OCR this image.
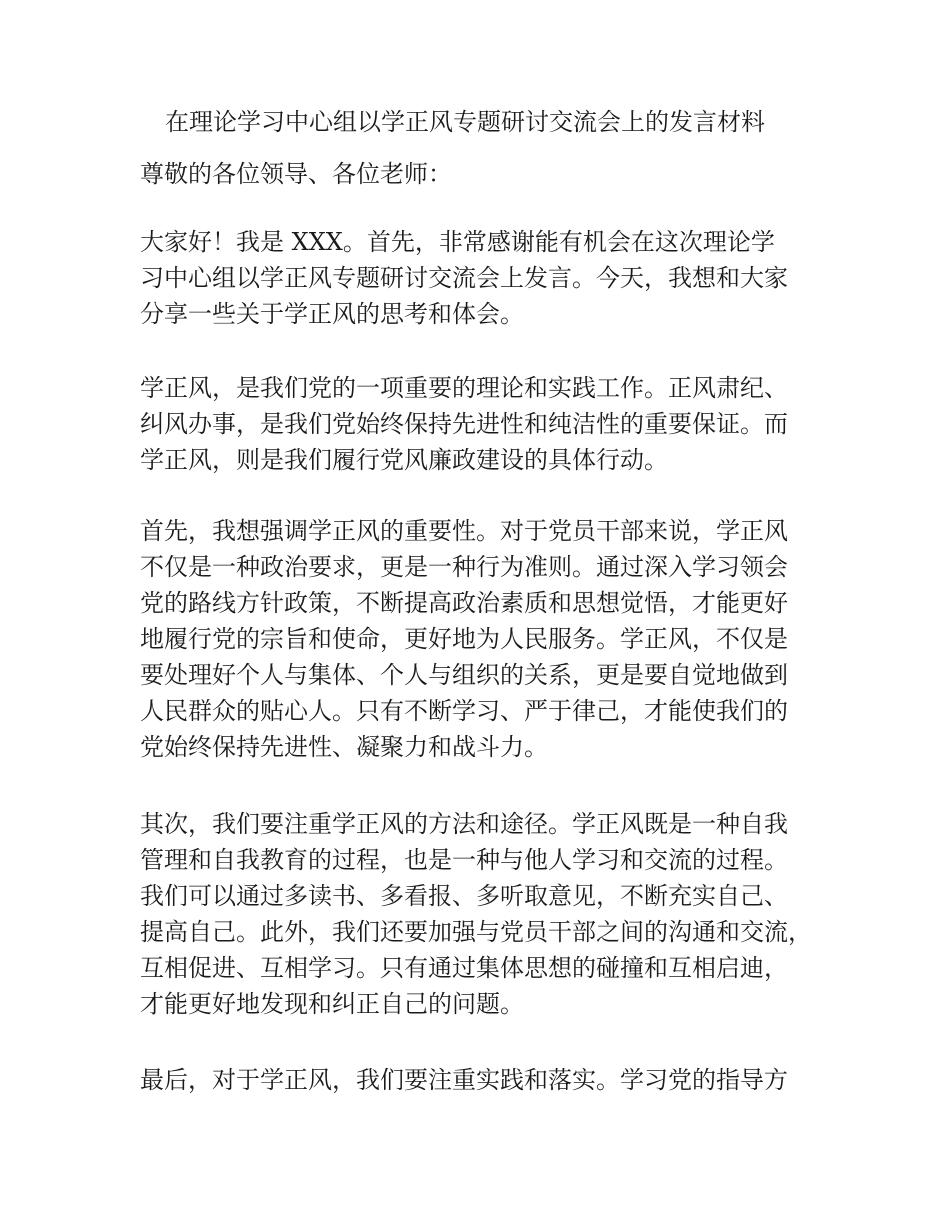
在理论学习中心组以学正风专题研讨交流会上的发言材料
尊敬的各位领导、各位老师：
大家好！我是 XXX。首先，非常感谢能有机会在这次理论学
习中心组以学正风专题研讨交流会上发言。今天，我想和大家
分享一些关于学正风的思考和体会。
学正风，是我们党的一项重要的理论和实践工作。正风肃纪、
纠风办事，是我们党始终保持先进性和纯洁性的重要保证。而
学正风，则是我们履行党风廉政建设的具体行动。
首先，我想强调学正风的重要性。对于党员干部来说，学正风
不仅是一种政治要求，更是一种行为准则。通过深入学习领会
党的路线方针政策，不断提高政治素质和思想觉悟，才能更好
地履行党的宗旨和使命，更好地为人民服务。学正风，不仅是
要处理好个人与集体、个人与组织的关系，更是要自觉地做到
人民群众的贴心人。只有不断学习、严于律己，才能使我们的
党始终保持先进性、凝聚力和战斗力。
其次，我们要注重学正风的方法和途径。学正风既是一种自我
管理和自我教育的过程，也是一种与他人学习和交流的过程。
我们可以通过多读书、多看报、多听取意见，不断充实自己、
提高自己。此外，我们还要加强与党员干部之间的沟通和交流，
互相促进、互相学习。只有通过集体思想的碰撞和互相启迪，
才能更好地发现和纠正自己的问题。
最后，对于学正风，我们要注重实践和落实。学习党的指导方
